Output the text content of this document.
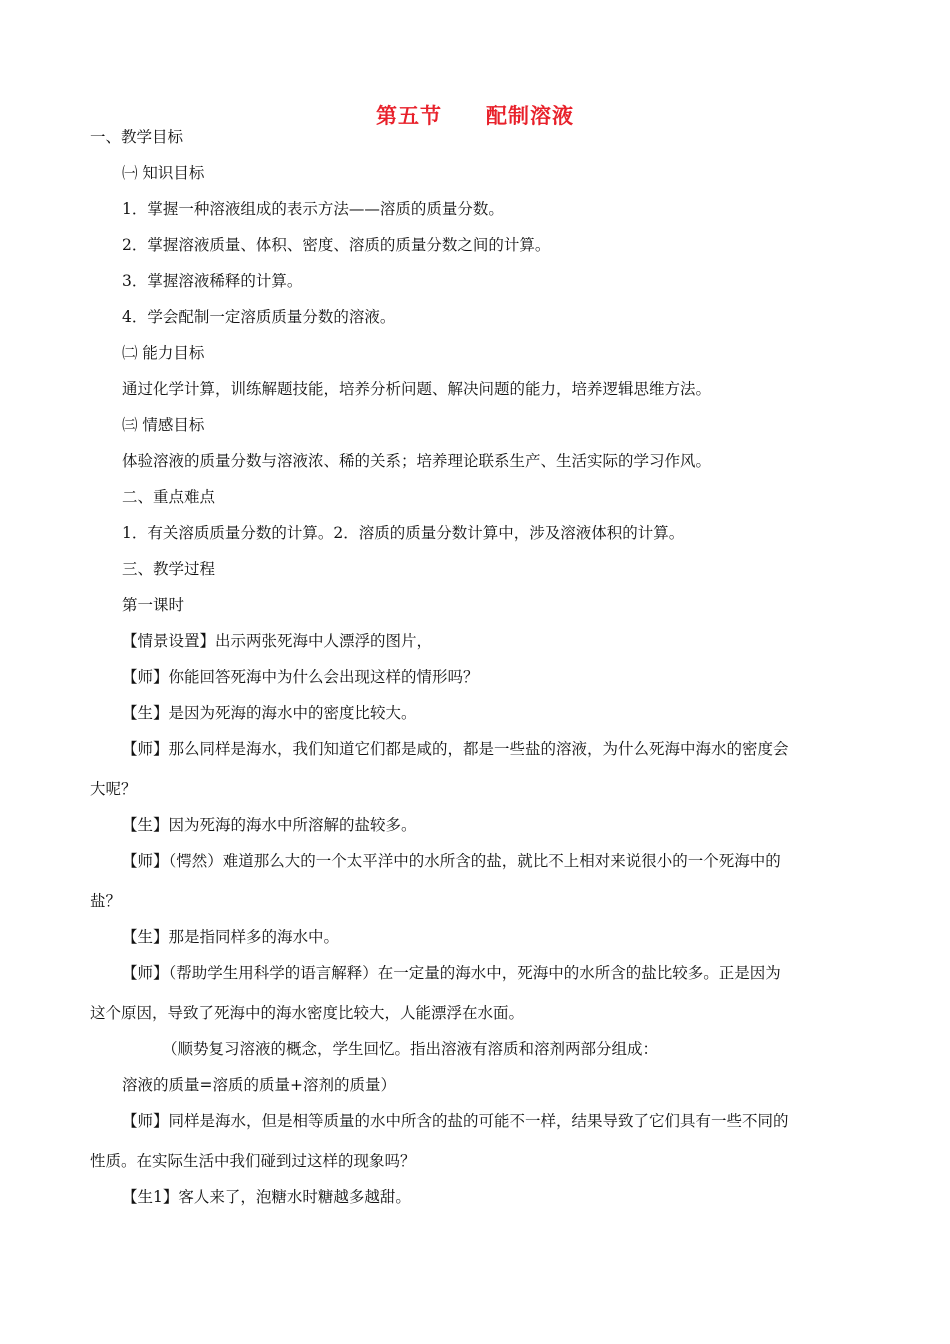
第五节　　配制溶液
一、教学目标
㈠ 知识目标
1．掌握一种溶液组成的表示方法——溶质的质量分数。
2．掌握溶液质量、体积、密度、溶质的质量分数之间的计算。
3．掌握溶液稀释的计算。
4．学会配制一定溶质质量分数的溶液。
㈡ 能力目标
通过化学计算，训练解题技能，培养分析问题、解决问题的能力，培养逻辑思维方法。
㈢ 情感目标
体验溶液的质量分数与溶液浓、稀的关系；培养理论联系生产、生活实际的学习作风。
二、重点难点
1．有关溶质质量分数的计算。2．溶质的质量分数计算中，涉及溶液体积的计算。
三、教学过程
第一课时
【情景设置】出示两张死海中人漂浮的图片，
【师】你能回答死海中为什么会出现这样的情形吗？
【生】是因为死海的海水中的密度比较大。
【师】那么同样是海水，我们知道它们都是咸的，都是一些盐的溶液，为什么死海中海水的密度会
大呢？
【生】因为死海的海水中所溶解的盐较多。
【师】（愕然）难道那么大的一个太平洋中的水所含的盐，就比不上相对来说很小的一个死海中的
盐？
【生】那是指同样多的海水中。
【师】（帮助学生用科学的语言解释）在一定量的海水中，死海中的水所含的盐比较多。正是因为
这个原因，导致了死海中的海水密度比较大，人能漂浮在水面。
（顺势复习溶液的概念，学生回忆。指出溶液有溶质和溶剂两部分组成：
溶液的质量=溶质的质量+溶剂的质量）
【师】同样是海水，但是相等质量的水中所含的盐的可能不一样，结果导致了它们具有一些不同的
性质。在实际生活中我们碰到过这样的现象吗？
【生1】客人来了，泡糖水时糖越多越甜。
